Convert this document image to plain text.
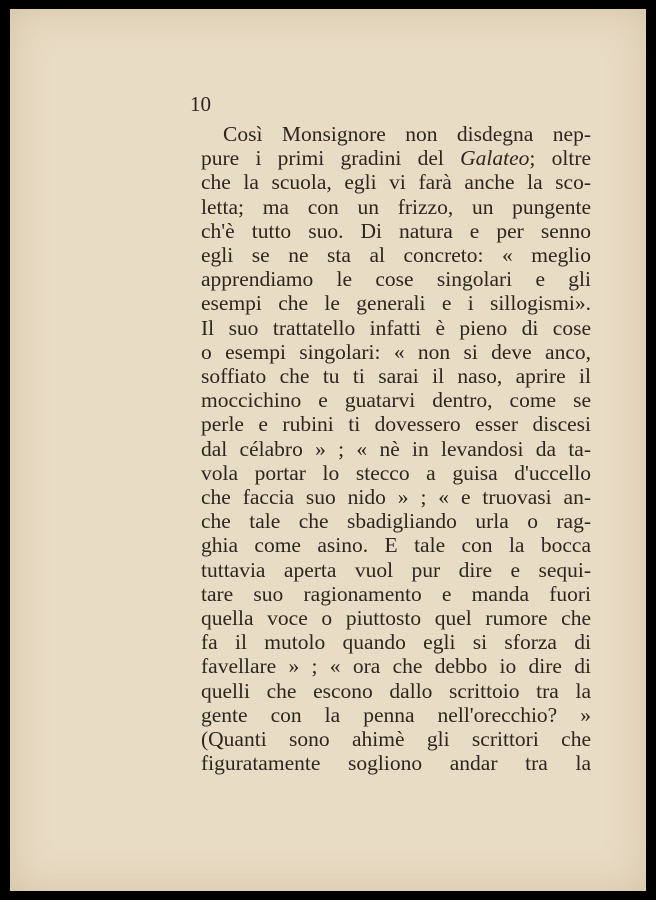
10
Così Monsignore non disdegna nep-
pure i primi gradini del Galateo; oltre
che la scuola, egli vi farà anche la sco-
letta; ma con un frizzo, un pungente
ch'è tutto suo. Di natura e per senno
egli se ne sta al concreto: « meglio
apprendiamo le cose singolari e gli
esempi che le generali e i sillogismi».
Il suo trattatello infatti è pieno di cose
o esempi singolari: « non si deve anco,
soffiato che tu ti sarai il naso, aprire il
moccichino e guatarvi dentro, come se
perle e rubini ti dovessero esser discesi
dal célabro » ; « nè in levandosi da ta-
vola portar lo stecco a guisa d'uccello
che faccia suo nido » ; « e truovasi an-
che tale che sbadigliando urla o rag-
ghia come asino. E tale con la bocca
tuttavia aperta vuol pur dire e sequi-
tare suo ragionamento e manda fuori
quella voce o piuttosto quel rumore che
fa il mutolo quando egli si sforza di
favellare » ; « ora che debbo io dire di
quelli che escono dallo scrittoio tra la
gente con la penna nell'orecchio? »
(Quanti sono ahimè gli scrittori che
figuratamente sogliono andar tra la
